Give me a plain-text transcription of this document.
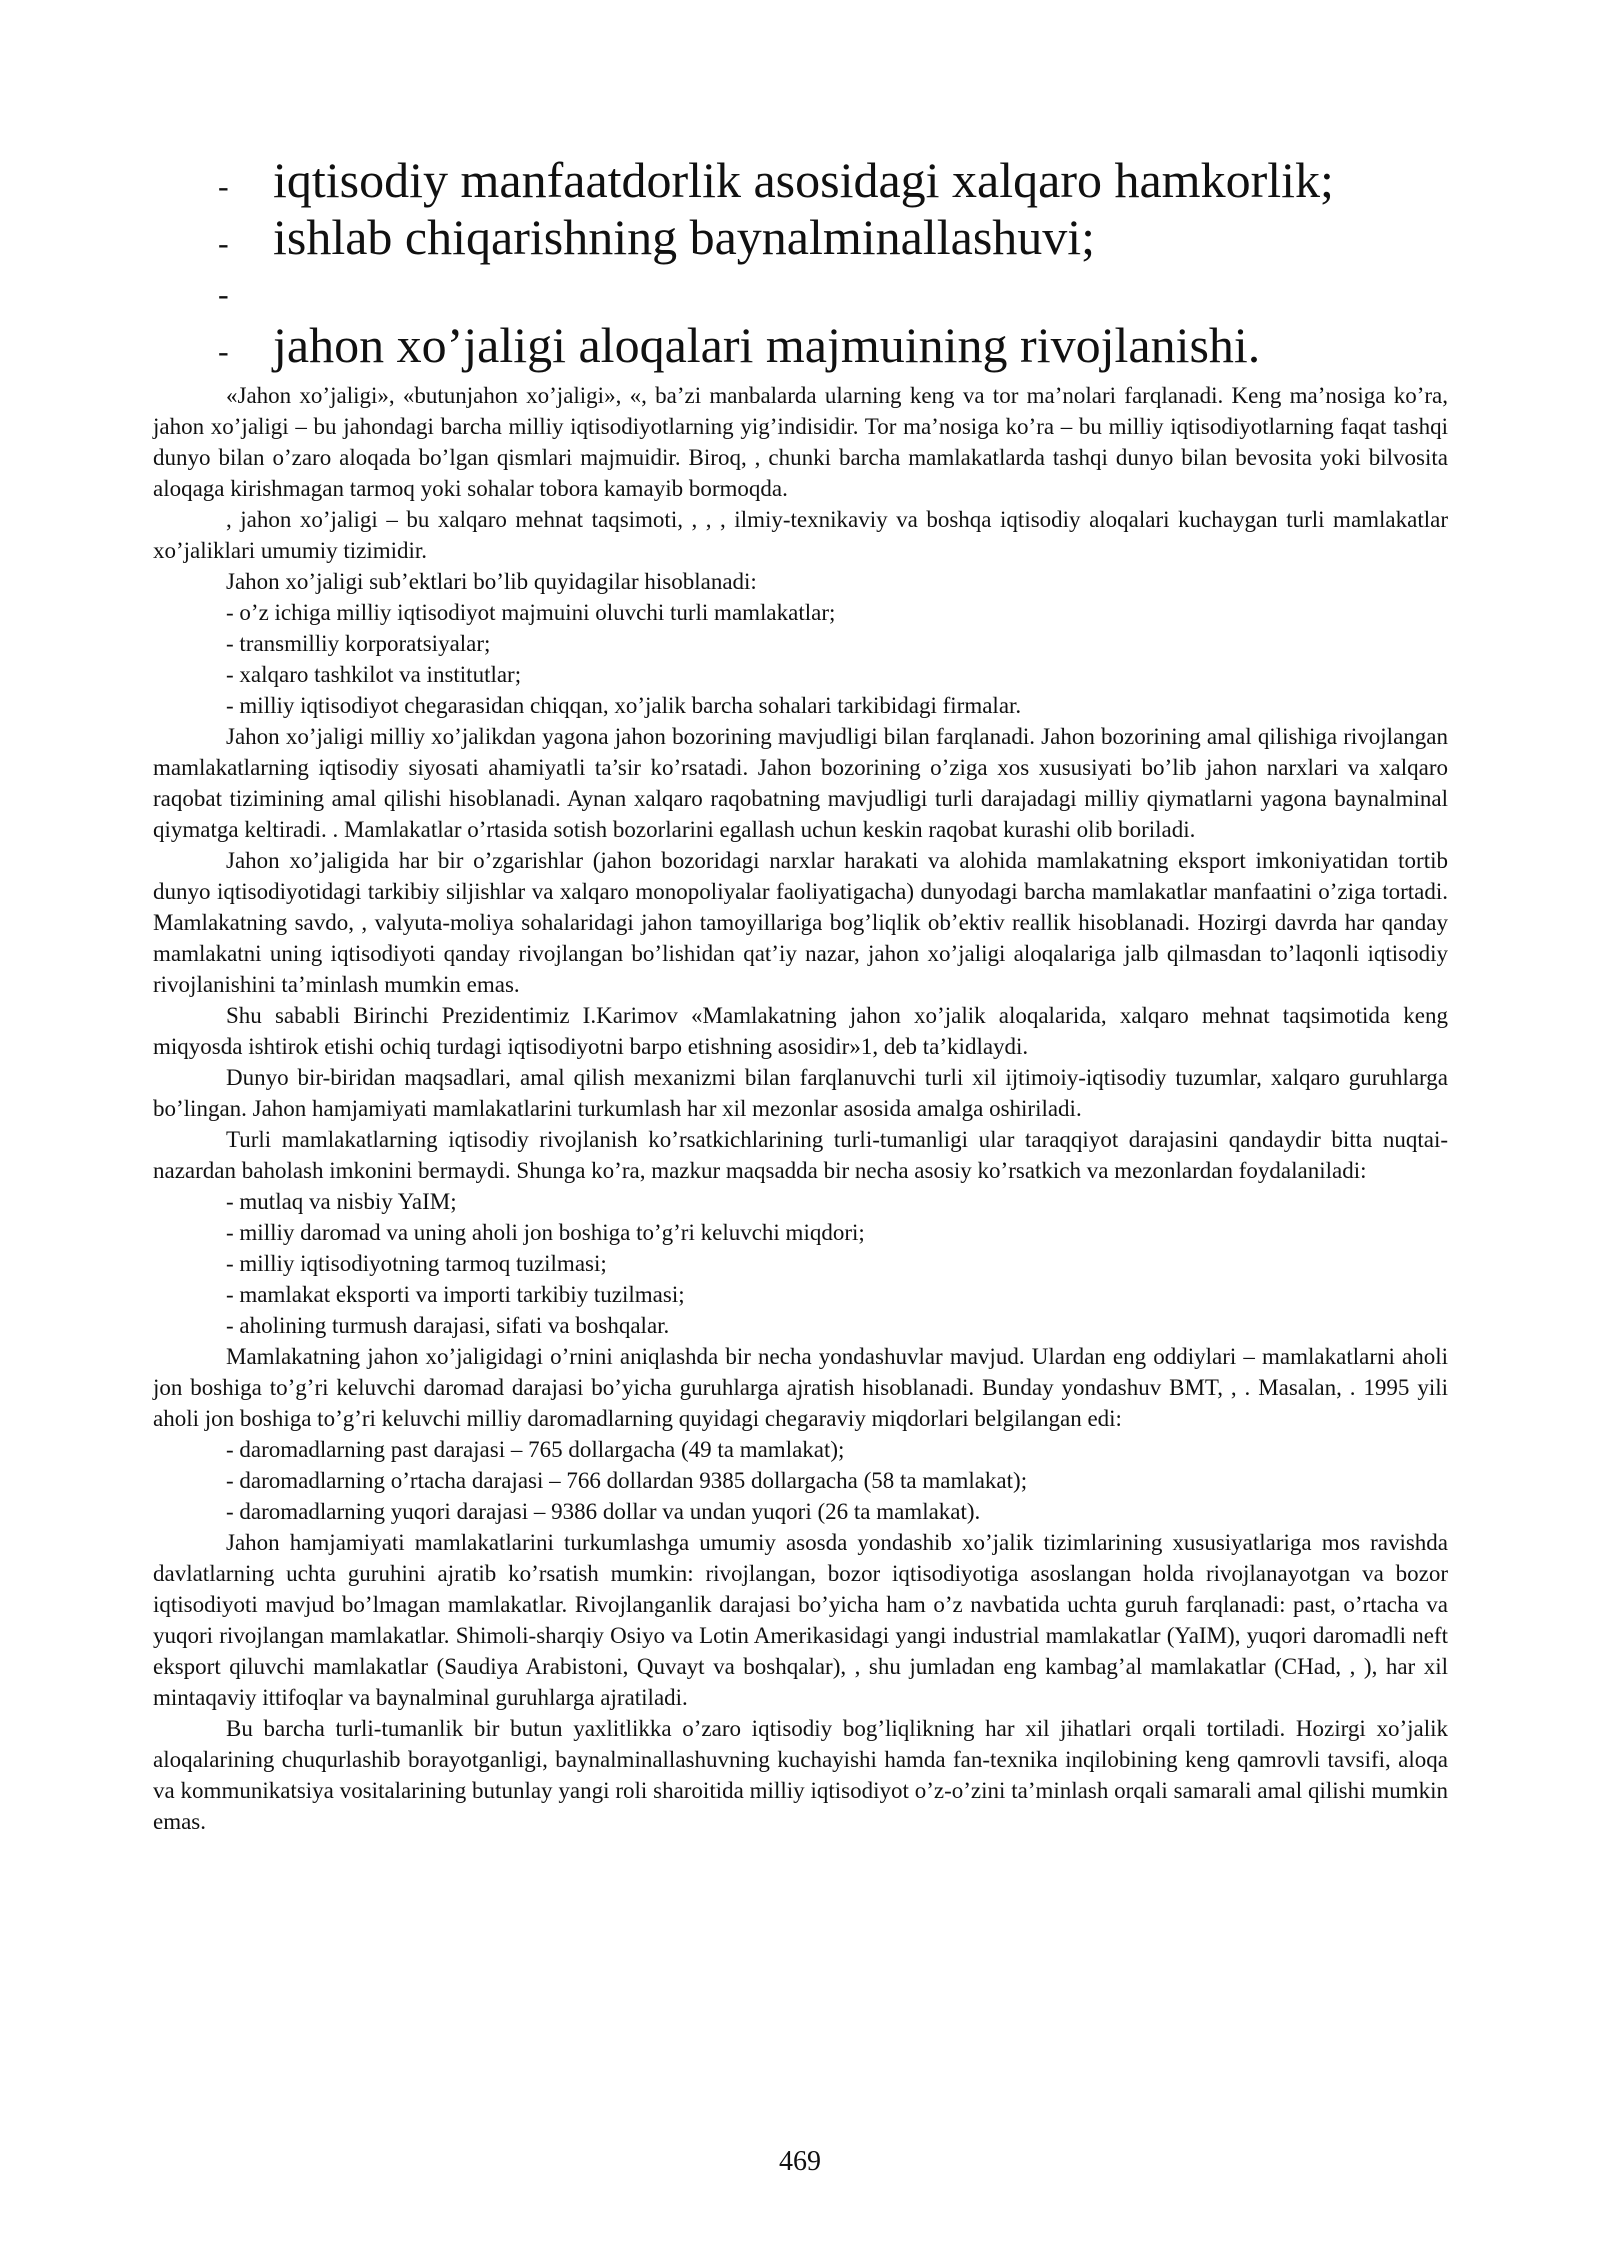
- iqtisodiy manfaatdorlik asosidagi xalqaro hamkorlik;
- ishlab chiqarishning baynalminallashuvi;
-
- jahon xo’jaligi aloqalari majmuining rivojlanishi.

«Jahon xo’jaligi», «butunjahon xo’jaligi», «, ba’zi manbalarda ularning keng va tor ma’nolari farqlanadi. Keng ma’nosiga ko’ra, jahon xo’jaligi – bu jahondagi barcha milliy iqtisodiyotlarning yig’indisidir. Tor ma’nosiga ko’ra – bu milliy iqtisodiyotlarning faqat tashqi dunyo bilan o’zaro aloqada bo’lgan qismlari majmuidir. Biroq, , chunki barcha mamlakatlarda tashqi dunyo bilan bevosita yoki bilvosita aloqaga kirishmagan tarmoq yoki sohalar tobora kamayib bormoqda.

, jahon xo’jaligi – bu xalqaro mehnat taqsimoti, , , , ilmiy-texnikaviy va boshqa iqtisodiy aloqalari kuchaygan turli mamlakatlar xo’jaliklari umumiy tizimidir.

Jahon xo’jaligi sub’ektlari bo’lib quyidagilar hisoblanadi:

- o’z ichiga milliy iqtisodiyot majmuini oluvchi turli mamlakatlar;

- transmilliy korporatsiyalar;

- xalqaro tashkilot va institutlar;

- milliy iqtisodiyot chegarasidan chiqqan, xo’jalik barcha sohalari tarkibidagi firmalar.

Jahon xo’jaligi milliy xo’jalikdan yagona jahon bozorining mavjudligi bilan farqlanadi. Jahon bozorining amal qilishiga rivojlangan mamlakatlarning iqtisodiy siyosati ahamiyatli ta’sir ko’rsatadi. Jahon bozorining o’ziga xos xususiyati bo’lib jahon narxlari va xalqaro raqobat tizimining amal qilishi hisoblanadi. Aynan xalqaro raqobatning mavjudligi turli darajadagi milliy qiymatlarni yagona baynalminal qiymatga keltiradi. . Mamlakatlar o’rtasida sotish bozorlarini egallash uchun keskin raqobat kurashi olib boriladi.

Jahon xo’jaligida har bir o’zgarishlar (jahon bozoridagi narxlar harakati va alohida mamlakatning eksport imkoniyatidan tortib dunyo iqtisodiyotidagi tarkibiy siljishlar va xalqaro monopoliyalar faoliyatigacha) dunyodagi barcha mamlakatlar manfaatini o’ziga tortadi. Mamlakatning savdo, , valyuta-moliya sohalaridagi jahon tamoyillariga bog’liqlik ob’ektiv reallik hisoblanadi. Hozirgi davrda har qanday mamlakatni uning iqtisodiyoti qanday rivojlangan bo’lishidan qat’iy nazar, jahon xo’jaligi aloqalariga jalb qilmasdan to’laqonli iqtisodiy rivojlanishini ta’minlash mumkin emas.

Shu sababli Birinchi Prezidentimiz I.Karimov «Mamlakatning jahon xo’jalik aloqalarida, xalqaro mehnat taqsimotida keng miqyosda ishtirok etishi ochiq turdagi iqtisodiyotni barpo etishning asosidir»1, deb ta’kidlaydi.

Dunyo bir-biridan maqsadlari, amal qilish mexanizmi bilan farqlanuvchi turli xil ijtimoiy-iqtisodiy tuzumlar, xalqaro guruhlarga bo’lingan. Jahon hamjamiyati mamlakatlarini turkumlash har xil mezonlar asosida amalga oshiriladi.

Turli mamlakatlarning iqtisodiy rivojlanish ko’rsatkichlarining turli-tumanligi ular taraqqiyot darajasini qandaydir bitta nuqtai-nazardan baholash imkonini bermaydi. Shunga ko’ra, mazkur maqsadda bir necha asosiy ko’rsatkich va mezonlardan foydalaniladi:

- mutlaq va nisbiy YaIM;

- milliy daromad va uning aholi jon boshiga to’g’ri keluvchi miqdori;

- milliy iqtisodiyotning tarmoq tuzilmasi;

- mamlakat eksporti va importi tarkibiy tuzilmasi;

- aholining turmush darajasi, sifati va boshqalar.

Mamlakatning jahon xo’jaligidagi o’rnini aniqlashda bir necha yondashuvlar mavjud. Ulardan eng oddiylari – mamlakatlarni aholi jon boshiga to’g’ri keluvchi daromad darajasi bo’yicha guruhlarga ajratish hisoblanadi. Bunday yondashuv BMT, , . Masalan, . 1995 yili aholi jon boshiga to’g’ri keluvchi milliy daromadlarning quyidagi chegaraviy miqdorlari belgilangan edi:

- daromadlarning past darajasi – 765 dollargacha (49 ta mamlakat);

- daromadlarning o’rtacha darajasi – 766 dollardan 9385 dollargacha (58 ta mamlakat);

- daromadlarning yuqori darajasi – 9386 dollar va undan yuqori (26 ta mamlakat).

Jahon hamjamiyati mamlakatlarini turkumlashga umumiy asosda yondashib xo’jalik tizimlarining xususiyatlariga mos ravishda davlatlarning uchta guruhini ajratib ko’rsatish mumkin: rivojlangan, bozor iqtisodiyotiga asoslangan holda rivojlanayotgan va bozor iqtisodiyoti mavjud bo’lmagan mamlakatlar. Rivojlanganlik darajasi bo’yicha ham o’z navbatida uchta guruh farqlanadi: past, o’rtacha va yuqori rivojlangan mamlakatlar. Shimoli-sharqiy Osiyo va Lotin Amerikasidagi yangi industrial mamlakatlar (YaIM), yuqori daromadli neft eksport qiluvchi mamlakatlar (Saudiya Arabistoni, Quvayt va boshqalar), , shu jumladan eng kambag’al mamlakatlar (CHad, , ), har xil mintaqaviy ittifoqlar va baynalminal guruhlarga ajratiladi.

Bu barcha turli-tumanlik bir butun yaxlitlikka o’zaro iqtisodiy bog’liqlikning har xil jihatlari orqali tortiladi. Hozirgi xo’jalik aloqalarining chuqurlashib borayotganligi, baynalminallashuvning kuchayishi hamda fan-texnika inqilobining keng qamrovli tavsifi, aloqa va kommunikatsiya vositalarining butunlay yangi roli sharoitida milliy iqtisodiyot o’z-o’zini ta’minlash orqali samarali amal qilishi mumkin emas.

469
